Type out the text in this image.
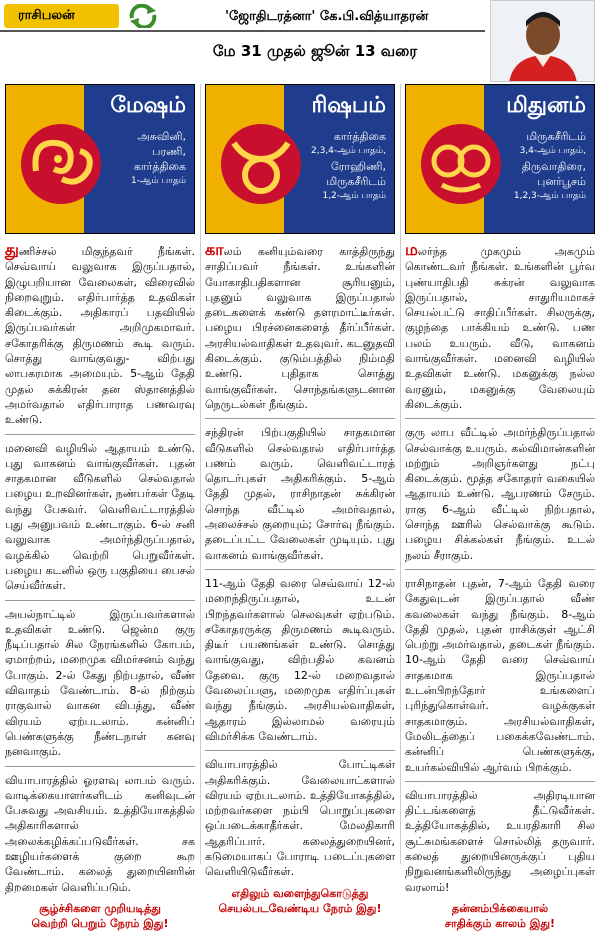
ராசிபலன்	'ஜோதிடரத்னா' கே.பி.வித்யாதரன்
மே 31 முதல் ஜூன் 13 வரை
மேஷம்
அசுவினி,
பரணி,
கார்த்திகை
1-ஆம் பாதம்

துணிச்சல் மிகுந்தவர் நீங்கள். செவ்வாய் வலுவாக இருப்பதால், இழுபறியான வேலைகள், விரைவில் நிறைவுறும். எதிர்பார்த்த உதவிகள் கிடைக்கும். அதிகாரப் பதவியில் இருப்பவர்கள் அறிமுகமாவர். சகோதரிக்கு திருமணம் கூடி வரும். சொத்து வாங்குவது- விற்பது லாபகரமாக அமையும். 5-ஆம் தேதி முதல் சுக்கிரன் தன ஸ்தானத்தில் அமர்வதால் எதிர்பாராத பணவரவு உண்டு.

மனைவி வழியில் ஆதாயம் உண்டு. புது வாகனம் வாங்குவீர்கள். புதன் சாதகமான வீடுகளில் செல்வதால் பழைய உறவினர்கள், நண்பர்கள் தேடி வந்து பேசுவர். வெளிவட்டாரத்தில் புது அனுபவம் உண்டாகும். 6-ல் சனி வலுவாக அமர்ந்திருப்பதால், வழக்கில் வெற்றி பெறுவீர்கள். பழைய கடனில் ஒரு பகுதியை பைசல் செய்வீர்கள்.

அயல்நாட்டில் இருப்பவர்களால் உதவிகள் உண்டு. ஜென்ம குரு நீடிப்பதால் சில நேரங்களில் கோபம், ஏமாற்றம், மறைமுக விமர்சனம் வந்து போகும். 2-ல் கேது நிற்பதால், வீண் விவாதம் வேண்டாம். 8-ல் நிற்கும் ராகுவால் வாகன விபத்து, வீண் விரயம் ஏற்படலாம். கன்னிப் பெண்களுக்கு நீண்டநாள் கனவு நனவாகும்.

வியாபாரத்தில் ஓரளவு லாபம் வரும். வாடிக்கையாளர்களிடம் கனிவுடன் பேசுவது அவசியம். உத்தியோகத்தில் அதிகாரிகளால் அலைக்கழிக்கப்படுவீர்கள். சக ஊழியர்களைக் குறை கூற வேண்டாம். கலைத் துறையினரின் திறமைகள் வெளிப்படும்.

சூழ்ச்சிகளை முறியடித்து
வெற்றி பெறும் நேரம் இது!
ரிஷபம்
கார்த்திகை
2,3,4-ஆம் பாதம்,
ரோஹிணி,
மிருகசீரிடம்
1,2-ஆம் பாதம்

காலம் கனியும்வரை காத்திருந்து சாதிப்பவர் நீங்கள். உங்களின் யோகாதிபதிகளான சூரியனும், புதனும் வலுவாக இருப்பதால் தடைகளைக் கண்டு தளரமாட்டீர்கள். பழைய பிரச்னைகளைத் தீர்ப்பீர்கள். அரசியல்வாதிகள் உதவுவர். கடனுதவி கிடைக்கும். குடும்பத்தில் நிம்மதி உண்டு. புதிதாக சொத்து வாங்குவீர்கள். சொந்தங்களுடனான நெருடல்கள் நீங்கும்.

சந்திரன் பிற்பகுதியில் சாதகமான வீடுகளில் செல்வதால் எதிர்பார்த்த பணம் வரும். வெளிவட்டாரத் தொடர்புகள் அதிகரிக்கும். 5-ஆம் தேதி முதல், ராசிநாதன் சுக்கிரன் சொந்த வீட்டில் அமர்வதால், அலைச்சல் குறையும்; சோர்வு நீங்கும். தடைப்பட்ட வேலைகள் முடியும். புது வாகனம் வாங்குவீர்கள்.

11-ஆம் தேதி வரை செவ்வாய் 12-ல் மறைந்திருப்பதால், உடன் பிறந்தவர்களால் செலவுகள் ஏற்படும். சகோதரருக்கு திருமணம் கூடிவரும். திடீர் பயணங்கள் உண்டு. சொத்து வாங்குவது, விற்பதில் கவனம் தேவை. குரு 12-ல் மறைவதால் வேலைப்பளு, மறைமுக எதிர்ப்புகள் வந்து நீங்கும். அரசியல்வாதிகள், ஆதாரம் இல்லாமல் வரையும் விமர்சிக்க வேண்டாம்.

வியாபாரத்தில் போட்டிகள் அதிகரிக்கும். வேலையாட்களால் விரயம் ஏற்படலாம். உத்தியோகத்தில், மற்றவர்களை நம்பி பொறுப்புகளை ஒப்படைக்காதீர்கள். மேலதிகாரி ஆதரிப்பார். கலைத்துறையினர், கடுமையாகப் போராடி படைப்புகளை வெளியிடுவீர்கள்.

எதிலும் வளைந்துகொடுத்து
செயல்படவேண்டிய நேரம் இது!
மிதுனம்
மிருகசீரிடம்
3,4-ஆம் பாதம்,
திருவாதிரை,
புனர்பூசம்
1,2,3-ஆம் பாதம்

மலர்ந்த முகமும் அகமும் கொண்டவர் நீங்கள். உங்களின் பூர்வ புண்யாதிபதி சுக்ரன் வலுவாக இருப்பதால், சாதுரியமாகச் செயல்பட்டு சாதிப்பீர்கள். சிலருக்கு, குழந்தை பாக்கியம் உண்டு. பண பலம் உயரும். வீடு, வாகனம் வாங்குவீர்கள். மனைவி வழியில் உதவிகள் உண்டு. மகனுக்கு நல்ல வரனும், மகனுக்கு வேலையும் கிடைக்கும்.

குரு லாப வீட்டில் அமர்ந்திருப்பதால் செல்வாக்கு உயரும். கல்விமான்களின் மற்றும் அறிஞர்களது நட்பு கிடைக்கும். மூத்த சகோதரர் வகையில் ஆதாயம் உண்டு. ஆபரணம் சேரும். ராகு 6-ஆம் வீட்டில் நிற்பதால், சொந்த ஊரில் செல்வாக்கு கூடும். பழைய சிக்கல்கள் நீங்கும். உடல் நலம் சீராகும்.

ராசிநாதன் புதன், 7-ஆம் தேதி வரை கேதுவுடன் இருப்பதால் வீண் கவலைகள் வந்து நீங்கும். 8-ஆம் தேதி முதல், புதன் ராசிக்குள் ஆட்சி பெற்று அமர்வதால், தடைகள் நீங்கும். 10-ஆம் தேதி வரை செவ்வாய் சாதகமாக இருப்பதால் உடன்பிறந்தோர் உங்களைப் புரிந்துகொள்வர். வழக்குகள் சாதகமாகும். அரசியல்வாதிகள், மேலிடத்தைப் பகைக்கவேண்டாம். கன்னிப் பெண்களுக்கு, உயர்கல்வியில் ஆர்வம் பிறக்கும்.

வியாபாரத்தில் அதிரடியான திட்டங்களைத் தீட்டுவீர்கள். உத்தியோகத்தில், உயரதிகாரி சில சூட்சுமங்களைச் சொல்லித் தருவார். கலைத் துறையினருக்குப் புதிய நிறுவனங்களிலிருந்து அழைப்புகள் வரலாம்!

தன்னம்பிக்கையால்
சாதிக்கும் காலம் இது!
